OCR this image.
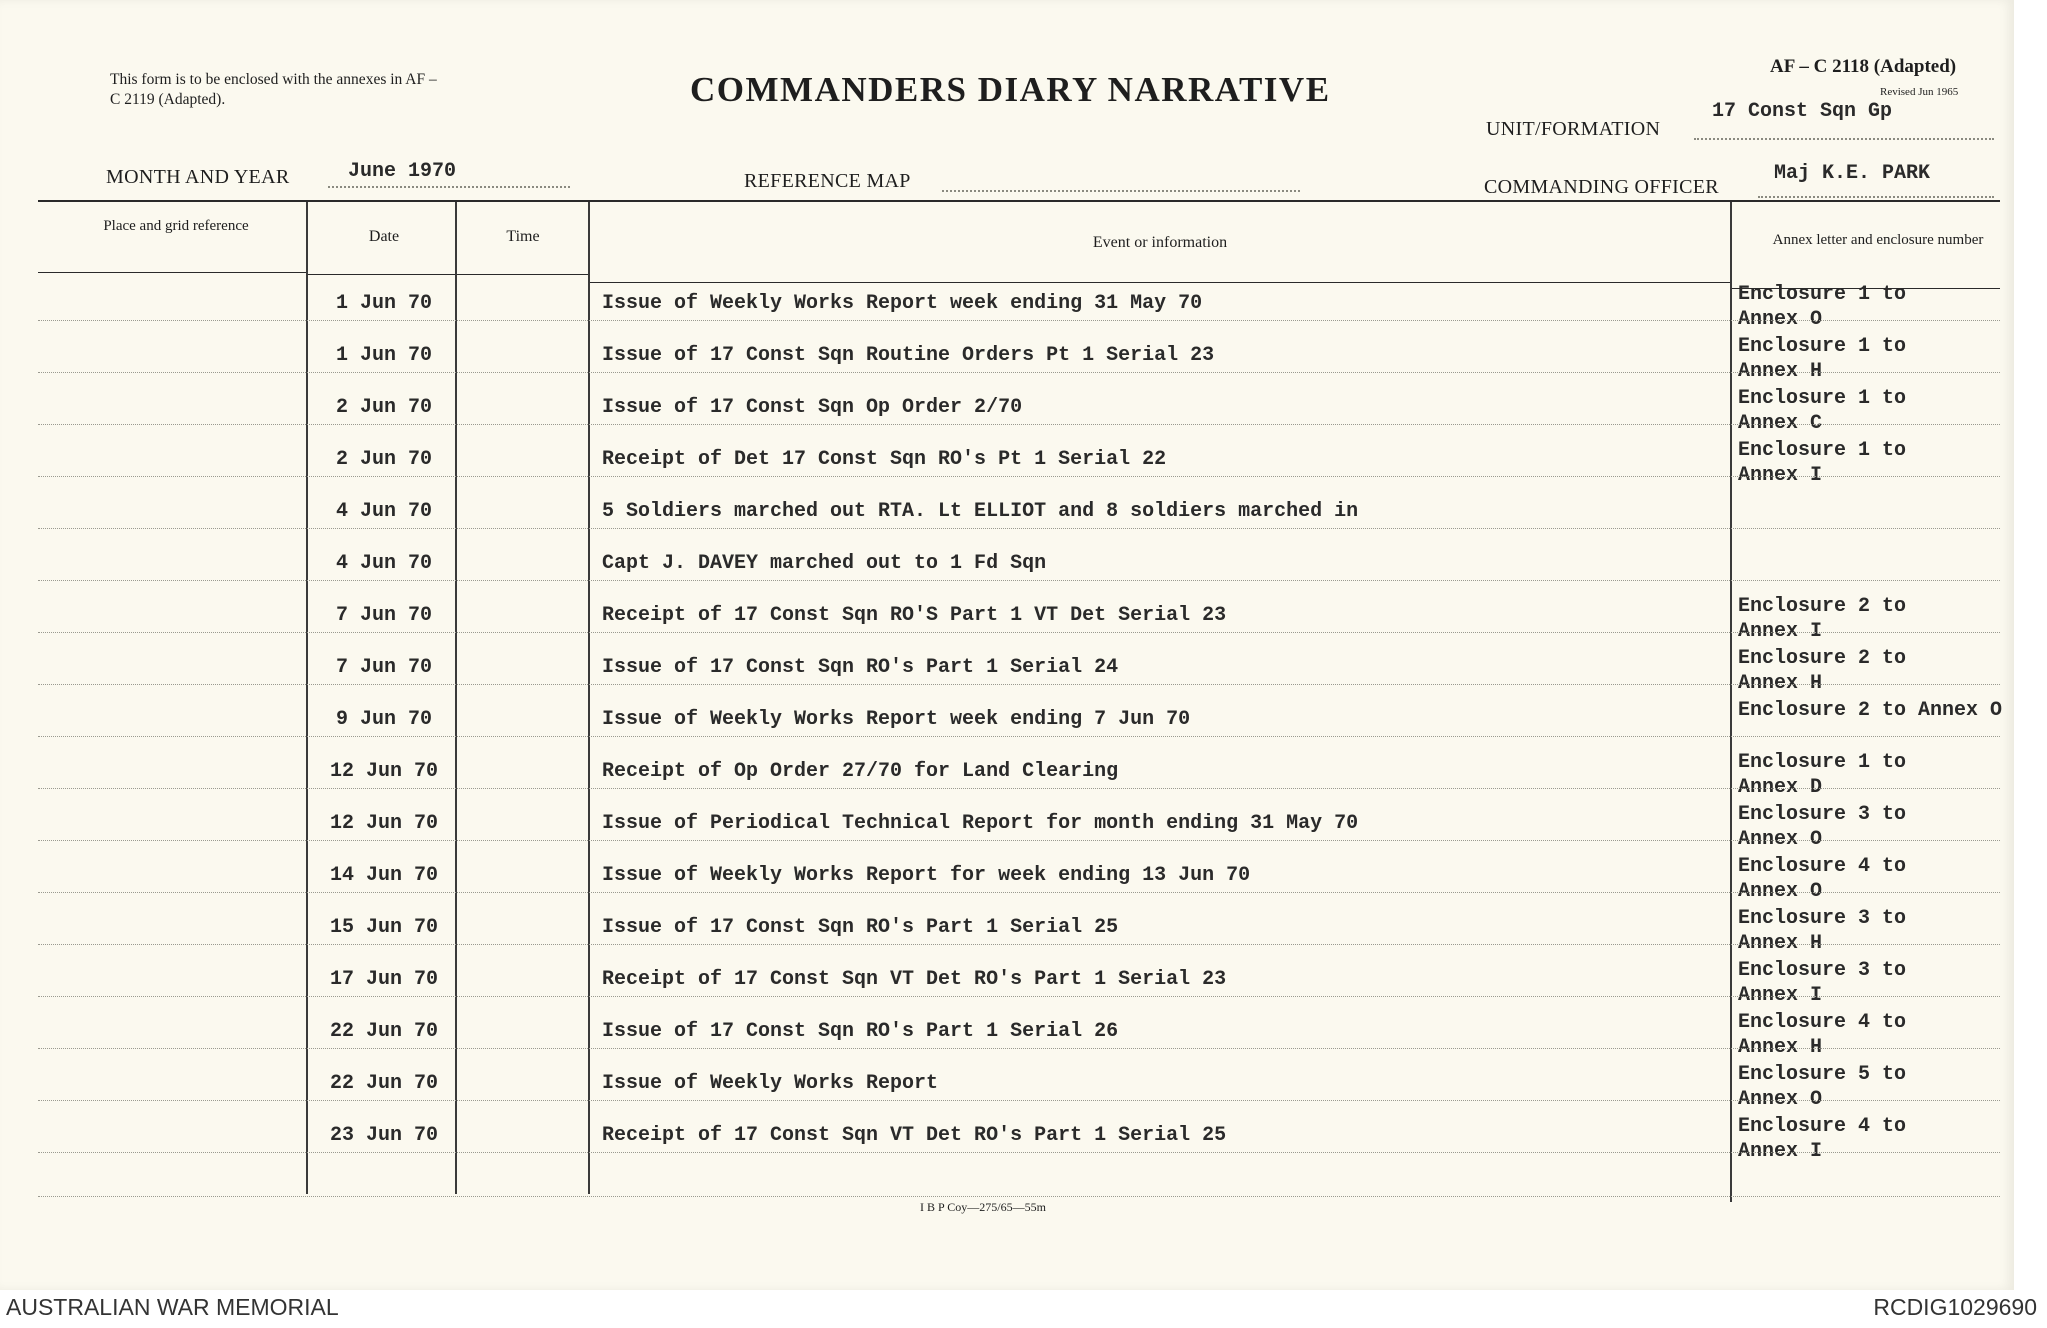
This form is to be enclosed with the annexes in AF – C 2119 (Adapted).	COMMANDERS DIARY NARRATIVE
AF – C 2118 (Adapted)
Revised Jun 1965
UNIT/FORMATION
17 Const Sqn Gp
MONTH AND YEAR	June 1970	REFERENCE MAP	COMMANDING OFFICER
Maj K.E. PARK
Place and grid reference
Date	Time	Event or information	Annex letter and enclosure number
1 Jun 70	Issue of Weekly Works Report week ending 31 May 70	Enclosure 1 to
Annex O
1 Jun 70	Issue of 17 Const Sqn Routine Orders Pt 1 Serial 23	Enclosure 1 to
Annex H
2 Jun 70	Issue of 17 Const Sqn Op Order 2/70	Enclosure 1 to
Annex C
2 Jun 70	Receipt of Det 17 Const Sqn RO's Pt 1 Serial 22	Enclosure 1 to
Annex I
4 Jun 70	5 Soldiers marched out RTA. Lt ELLIOT and 8 soldiers marched in
4 Jun 70	Capt J. DAVEY marched out to 1 Fd Sqn
7 Jun 70	Receipt of 17 Const Sqn RO'S Part 1 VT Det Serial 23	Enclosure 2 to
Annex I
7 Jun 70	Issue of 17 Const Sqn RO's Part 1 Serial 24	Enclosure 2 to
Annex H
9 Jun 70	Issue of Weekly Works Report week ending 7 Jun 70	Enclosure 2 to Annex O
12 Jun 70	Receipt of Op Order 27/70 for Land Clearing	Enclosure 1 to
Annex D
12 Jun 70	Issue of Periodical Technical Report for month ending 31 May 70	Enclosure 3 to
Annex O
14 Jun 70	Issue of Weekly Works Report for week ending 13 Jun 70	Enclosure 4 to
Annex O
15 Jun 70	Issue of 17 Const Sqn RO's Part 1 Serial 25	Enclosure 3 to
Annex H
17 Jun 70	Receipt of 17 Const Sqn VT Det RO's Part 1 Serial 23	Enclosure 3 to
Annex I
22 Jun 70	Issue of 17 Const Sqn RO's Part 1 Serial 26	Enclosure 4 to
Annex H
22 Jun 70	Issue of Weekly Works Report	Enclosure 5 to
Annex O
23 Jun 70	Receipt of 17 Const Sqn VT Det RO's Part 1 Serial 25	Enclosure 4 to
Annex I
I B P Coy—275/65—55m
AUSTRALIAN WAR MEMORIAL	RCDIG1029690
